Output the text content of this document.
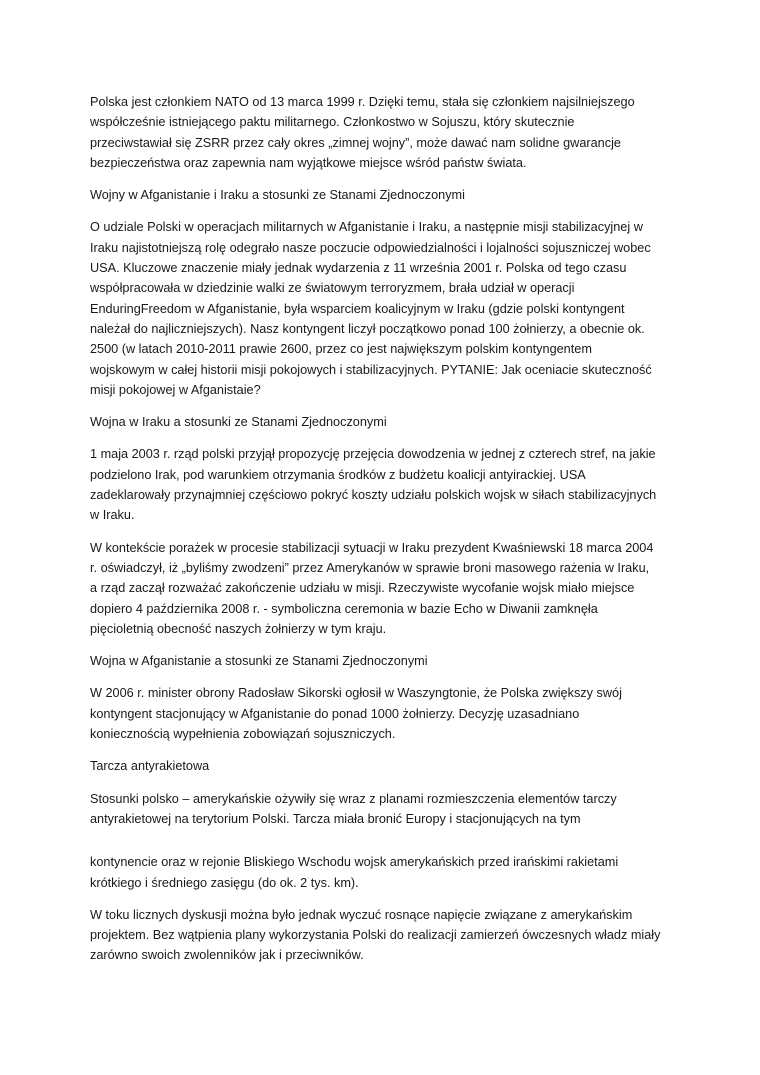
Polska jest członkiem NATO od 13 marca 1999 r. Dzięki temu, stała się członkiem najsilniejszego
współcześnie istniejącego paktu militarnego. Członkostwo w Sojuszu, który skutecznie
przeciwstawiał się ZSRR przez cały okres „zimnej wojny”, może dawać nam solidne gwarancje
bezpieczeństwa oraz zapewnia nam wyjątkowe miejsce wśród państw świata.
Wojny w Afganistanie i Iraku a stosunki ze Stanami Zjednoczonymi
O udziale Polski w operacjach militarnych w Afganistanie i Iraku, a następnie misji stabilizacyjnej w
Iraku najistotniejszą rolę odegrało nasze poczucie odpowiedzialności i lojalności sojuszniczej wobec
USA. Kluczowe znaczenie miały jednak wydarzenia z 11 września 2001 r. Polska od tego czasu
współpracowała w dziedzinie walki ze światowym terroryzmem, brała udział w operacji
EnduringFreedom w Afganistanie, była wsparciem koalicyjnym w Iraku (gdzie polski kontyngent
należał do najliczniejszych). Nasz kontyngent liczył początkowo ponad 100 żołnierzy, a obecnie ok.
2500 (w latach 2010-2011 prawie 2600, przez co jest największym polskim kontyngentem
wojskowym w całej historii misji pokojowych i stabilizacyjnych. PYTANIE: Jak oceniacie skuteczność
misji pokojowej w Afganistaie?
Wojna w Iraku a stosunki ze Stanami Zjednoczonymi
1 maja 2003 r. rząd polski przyjął propozycję przejęcia dowodzenia w jednej z czterech stref, na jakie
podzielono Irak, pod warunkiem otrzymania środków z budżetu koalicji antyirackiej. USA
zadeklarowały przynajmniej częściowo pokryć koszty udziału polskich wojsk w siłach stabilizacyjnych
w Iraku.
W kontekście porażek w procesie stabilizacji sytuacji w Iraku prezydent Kwaśniewski 18 marca 2004
r. oświadczył, iż „byliśmy zwodzeni” przez Amerykanów w sprawie broni masowego rażenia w Iraku,
a rząd zaczął rozważać zakończenie udziału w misji. Rzeczywiste wycofanie wojsk miało miejsce
dopiero 4 października 2008 r. - symboliczna ceremonia w bazie Echo w Diwanii zamknęła
pięcioletnią obecność naszych żołnierzy w tym kraju.
Wojna w Afganistanie a stosunki ze Stanami Zjednoczonymi
W 2006 r. minister obrony Radosław Sikorski ogłosił w Waszyngtonie, że Polska zwiększy swój
kontyngent stacjonujący w Afganistanie do ponad 1000 żołnierzy. Decyzję uzasadniano
koniecznością wypełnienia zobowiązań sojuszniczych.
Tarcza antyrakietowa
Stosunki polsko – amerykańskie ożywiły się wraz z planami rozmieszczenia elementów tarczy
antyrakietowej na terytorium Polski. Tarcza miała bronić Europy i stacjonujących na tym
kontynencie oraz w rejonie Bliskiego Wschodu wojsk amerykańskich przed irańskimi rakietami
krótkiego i średniego zasięgu (do ok. 2 tys. km).
W toku licznych dyskusji można było jednak wyczuć rosnące napięcie związane z amerykańskim
projektem. Bez wątpienia plany wykorzystania Polski do realizacji zamierzeń ówczesnych władz miały
zarówno swoich zwolenników jak i przeciwników.
